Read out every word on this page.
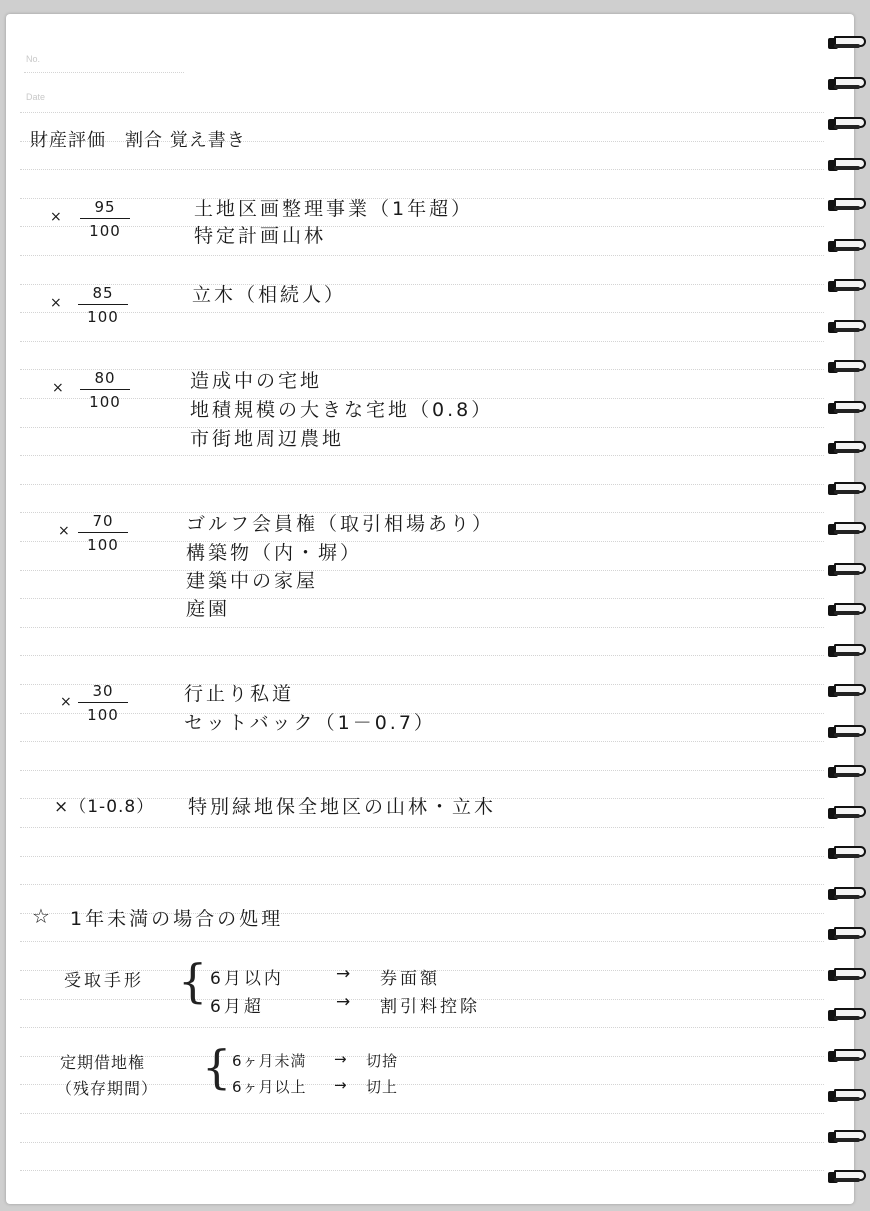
No.
Date
財産評価　割合 覚え書き
× $\frac{95}{100}$	土地区画整理事業（1年超）
特定計画山林
× $\frac{85}{100}$	立木（相続人）
× $\frac{80}{100}$	造成中の宅地
地積規模の大きな宅地（0.8）
市街地周辺農地
× $\frac{70}{100}$	ゴルフ会員権（取引相場あり）
構築物（内・塀）
建築中の家屋
庭園
× $\frac{30}{100}$	行止り私道
セットバック（1－0.7）
×（1-0.8） 特別緑地保全地区の山林・立木
☆ 1年未満の場合の処理
受取手形 { 6月以内	→ 券面額
6月超	→ 割引料控除
定期借地権
（残存期間） { 6ヶ月未満 → 切捨
6ヶ月以上 → 切上
